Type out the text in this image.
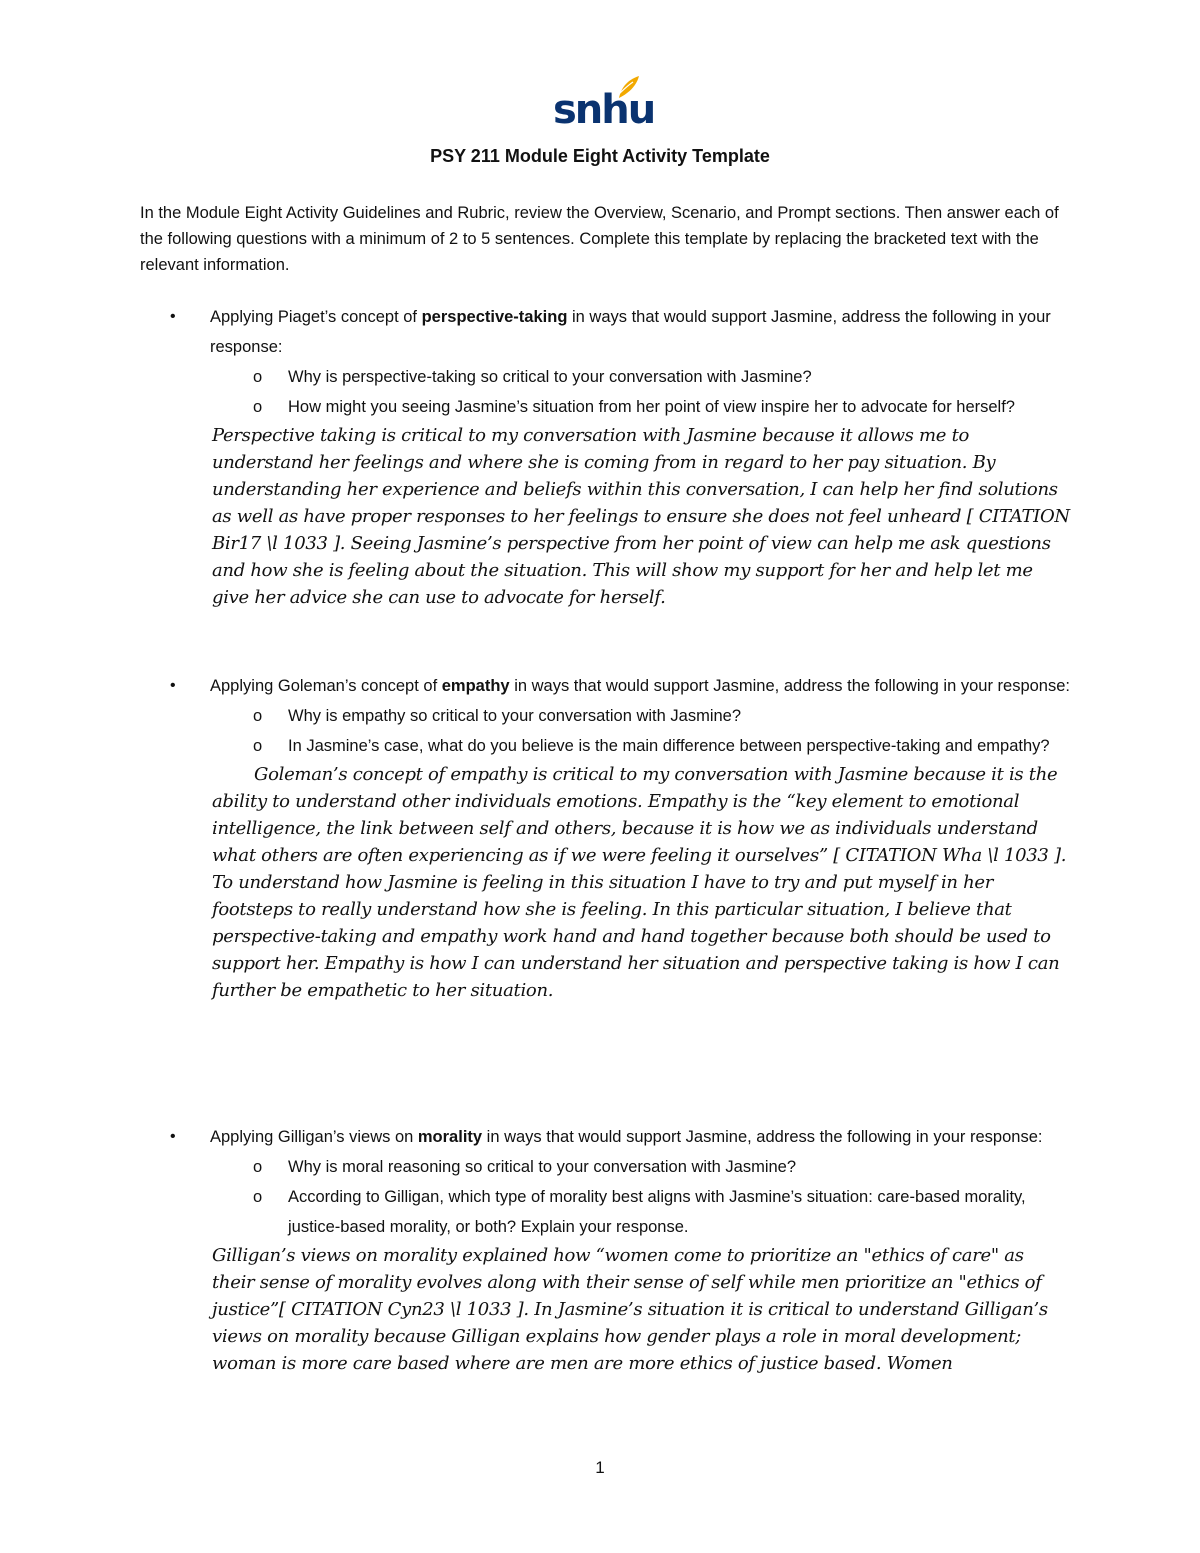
snhu
PSY 211 Module Eight Activity Template

In the Module Eight Activity Guidelines and Rubric, review the Overview, Scenario, and Prompt sections. Then answer each of the following questions with a minimum of 2 to 5 sentences. Complete this template by replacing the bracketed text with the relevant information.

• Applying Piaget’s concept of perspective-taking in ways that would support Jasmine, address the following in your response:

o Why is perspective-taking so critical to your conversation with Jasmine?

o How might you seeing Jasmine’s situation from her point of view inspire her to advocate for herself?

Perspective taking is critical to my conversation with Jasmine because it allows me to understand her feelings and where she is coming from in regard to her pay situation. By understanding her experience and beliefs within this conversation, I can help her find solutions as well as have proper responses to her feelings to ensure she does not feel unheard [ CITATION Bir17 \l 1033 ]. Seeing Jasmine’s perspective from her point of view can help me ask questions and how she is feeling about the situation. This will show my support for her and help let me give her advice she can use to advocate for herself.

• Applying Goleman’s concept of empathy in ways that would support Jasmine, address the following in your response:

o Why is empathy so critical to your conversation with Jasmine?

o In Jasmine’s case, what do you believe is the main difference between perspective-taking and empathy?

Goleman’s concept of empathy is critical to my conversation with Jasmine because it is the ability to understand other individuals emotions. Empathy is the “key element to emotional intelligence, the link between self and others, because it is how we as individuals understand what others are often experiencing as if we were feeling it ourselves” [ CITATION Wha \l 1033 ]. To understand how Jasmine is feeling in this situation I have to try and put myself in her footsteps to really understand how she is feeling. In this particular situation, I believe that perspective-taking and empathy work hand and hand together because both should be used to support her. Empathy is how I can understand her situation and perspective taking is how I can further be empathetic to her situation.

• Applying Gilligan’s views on morality in ways that would support Jasmine, address the following in your response:

o Why is moral reasoning so critical to your conversation with Jasmine?

o According to Gilligan, which type of morality best aligns with Jasmine’s situation: care-based morality, justice-based morality, or both? Explain your response.

Gilligan’s views on morality explained how “women come to prioritize an "ethics of care" as their sense of morality evolves along with their sense of self while men prioritize an "ethics of justice”[ CITATION Cyn23 \l 1033 ]. In Jasmine’s situation it is critical to understand Gilligan’s views on morality because Gilligan explains how gender plays a role in moral development; woman is more care based where are men are more ethics of justice based. Women

1
